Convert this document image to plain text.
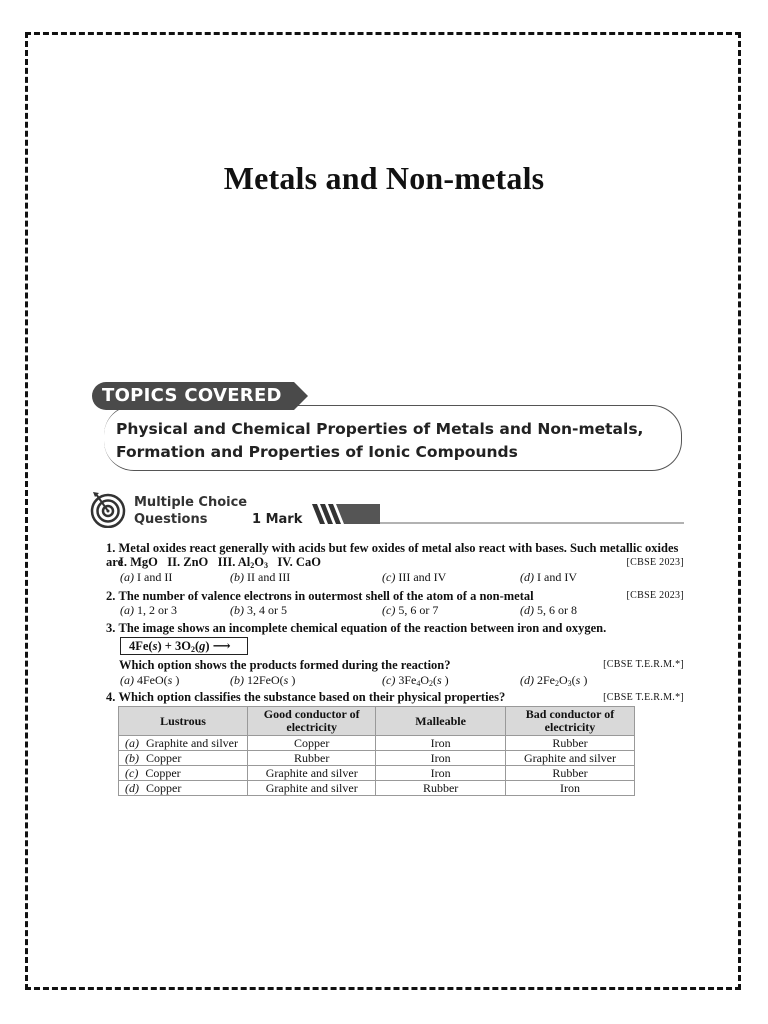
Metals and Non-metals
TOPICS COVERED
Physical and Chemical Properties of Metals and Non-metals, Formation and Properties of Ionic Compounds
Multiple Choice
Questions	1 Mark
1. Metal oxides react generally with acids but few oxides of metal also react with bases. Such metallic oxides are
I. MgO   II. ZnO   III. $Al_2O_3$   IV. CaO	[CBSE 2023]
(a) I and II	(b) II and III	(c) III and IV	(d) I and IV
2. The number of valence electrons in outermost shell of the atom of a non-metal	[CBSE 2023]
(a) 1, 2 or 3	(b) 3, 4 or 5	(c) 5, 6 or 7	(d) 5, 6 or 8
3. The image shows an incomplete chemical equation of the reaction between iron and oxygen.
$4Fe(s) + 3O_2(g)$ ⟶
Which option shows the products formed during the reaction?	[CBSE T.E.R.M.*]
(a) 4FeO(s )	(b) 12FeO(s )	(c) $3Fe_4O_2(s$ )	(d) $2Fe_2O_3(s$ )
4. Which option classifies the substance based on their physical properties?	[CBSE T.E.R.M.*]
Lustrous	Good conductor of electricity	Malleable	Bad conductor of electricity
(a) Graphite and silver	Copper	Iron	Rubber
(b) Copper	Rubber	Iron	Graphite and silver
(c) Copper	Graphite and silver	Iron	Rubber
(d) Copper	Graphite and silver	Rubber	Iron
